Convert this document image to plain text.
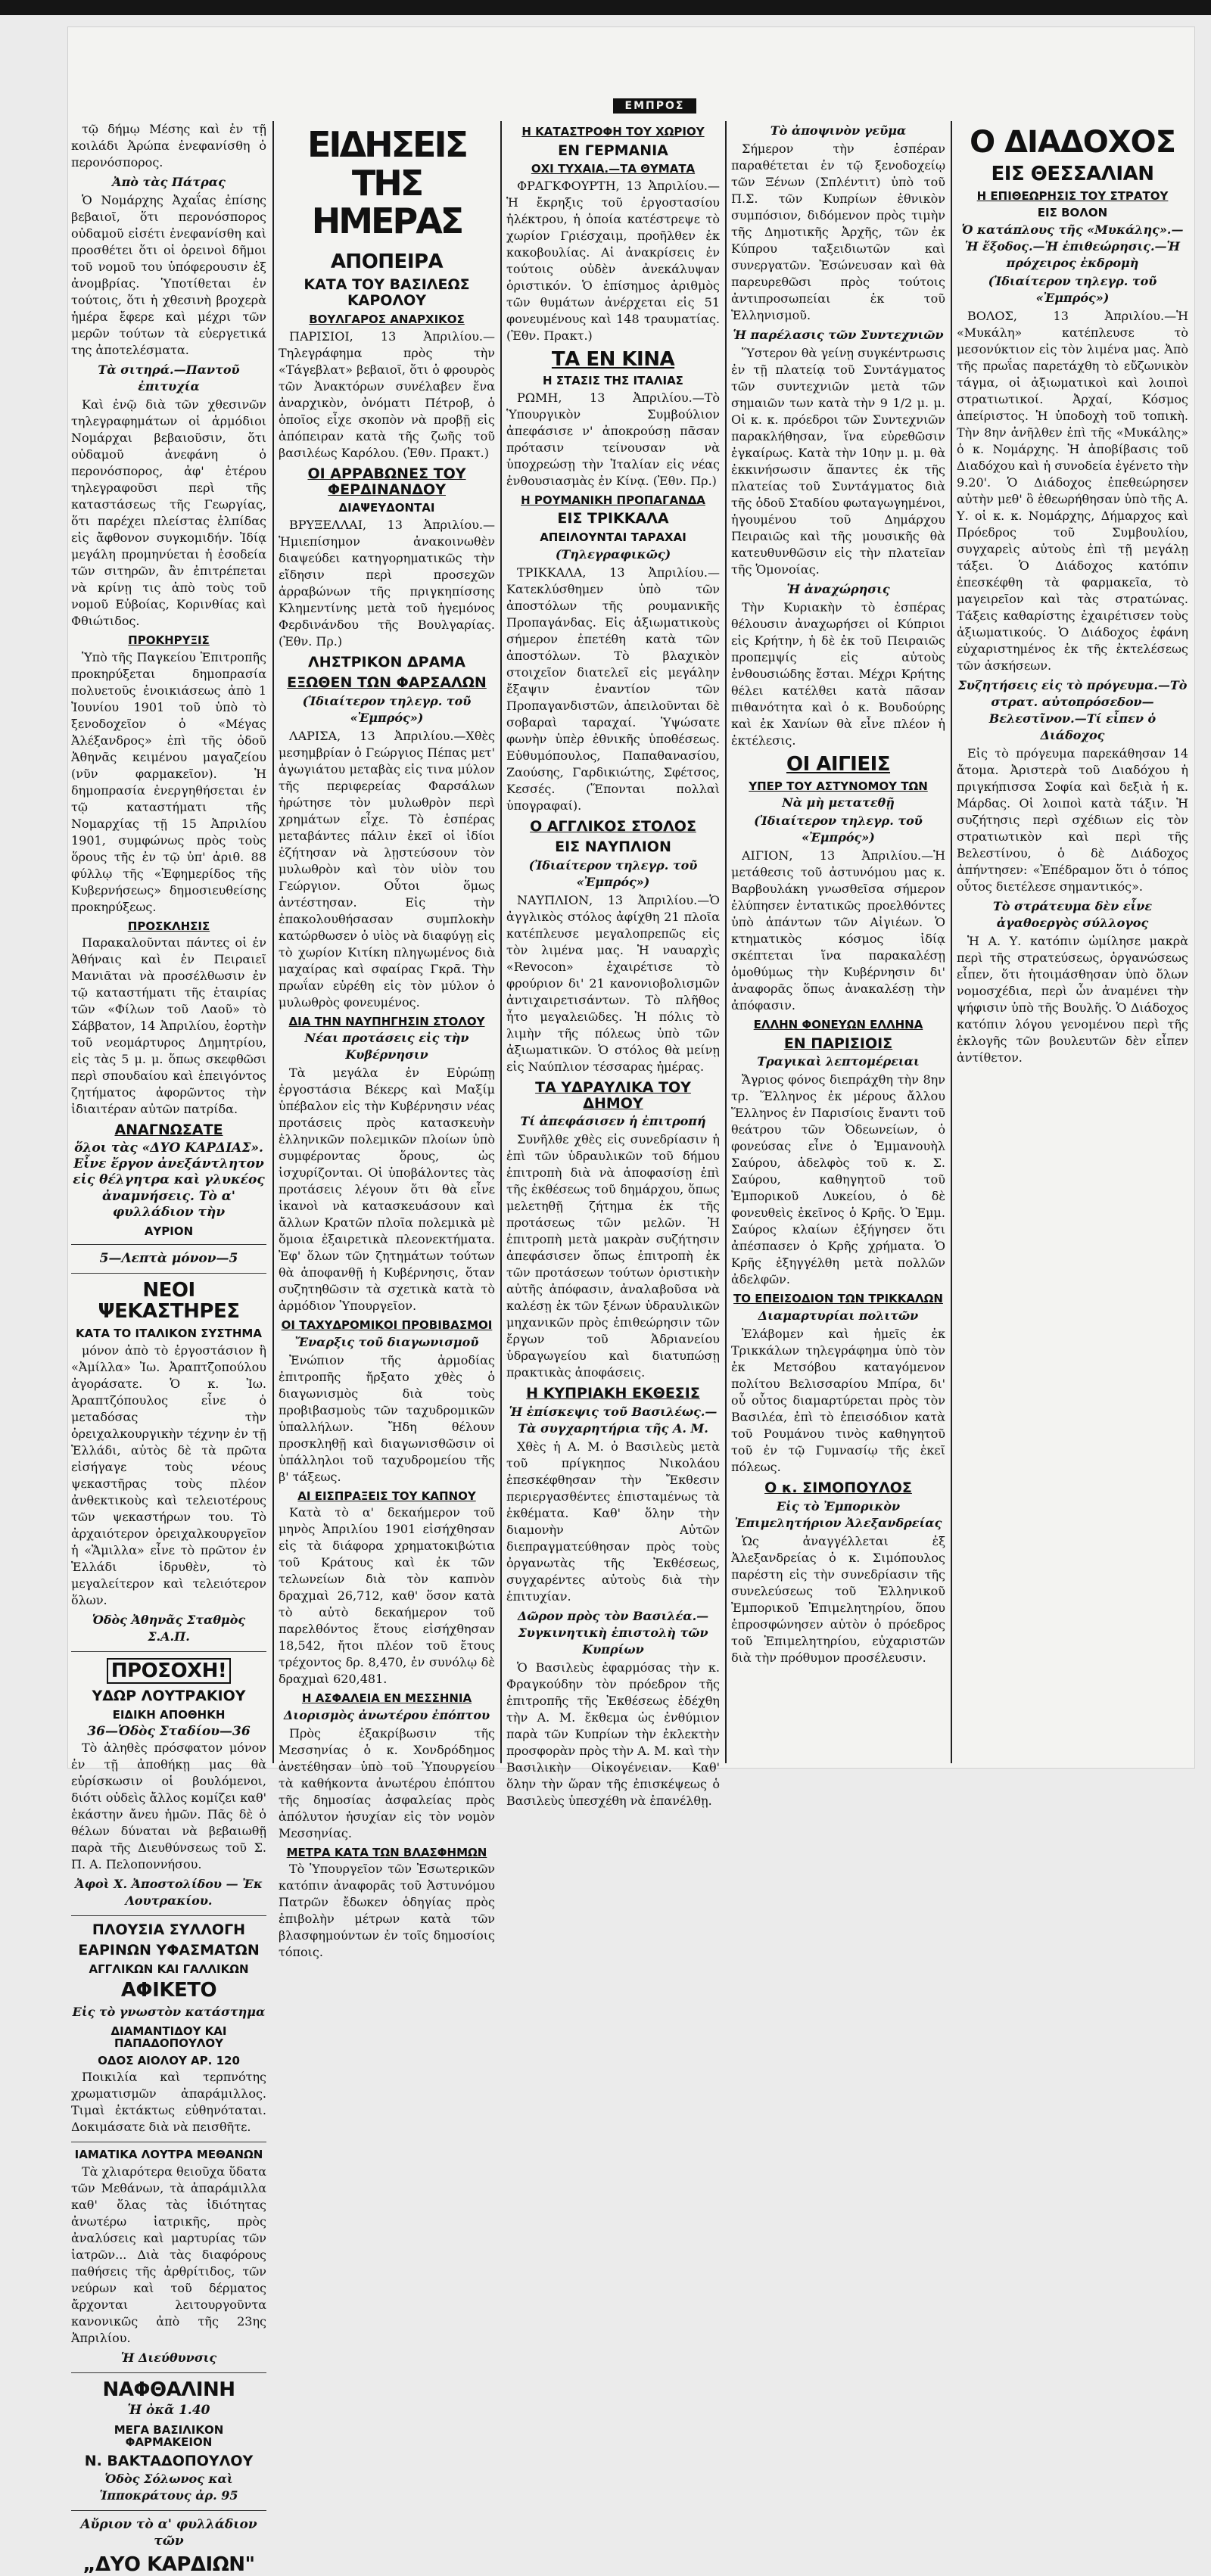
ΕΜΠΡΟΣ

τῷ δήμῳ Μέσης καὶ ἐν τῇ κοιλάδι Ἀρώπα ἐνεφανίσθη ὁ περονόσπορος.

Ἀπὸ τὰς Πάτρας

Ὁ Νομάρχης Ἀχαΐας ἐπίσης βεβαιοῖ, ὅτι περονόσπορος οὐδαμοῦ εἰσέτι ἐνεφανίσθη καὶ προσθέτει ὅτι οἱ ὀρεινοὶ δῆμοι τοῦ νομοῦ του ὑπόφερουσιν ἐξ ἀνομβρίας. Ὑποτίθεται ἐν τούτοις, ὅτι ἡ χθεσινὴ βροχερὰ ἡμέρα ἔφερε καὶ μέχρι τῶν μερῶν τούτων τὰ εὐεργετικά της ἀποτελέσματα.

Τὰ σιτηρά.—Παντοῦ ἐπιτυχία

Καὶ ἐνῷ διὰ τῶν χθεσινῶν τηλεγραφημάτων οἱ ἁρμόδιοι Νομάρχαι βεβαιοῦσιν, ὅτι οὐδαμοῦ ἀνεφάνη ὁ περονόσπορος, ἀφ' ἑτέρου τηλεγραφοῦσι περὶ τῆς καταστάσεως τῆς Γεωργίας, ὅτι παρέχει πλείστας ἐλπίδας εἰς ἄφθονον συγκομιδήν. Ἰδίᾳ μεγάλη προμηνύεται ἡ ἐσοδεία τῶν σιτηρῶν, ἂν ἐπιτρέπεται νὰ κρίνῃ τις ἀπὸ τοὺς τοῦ νομοῦ Εὐβοίας, Κορινθίας καὶ Φθιώτιδος.

ΠΡΟΚΗΡΥΞΙΣ

Ὑπὸ τῆς Παγκείου Ἐπιτροπῆς προκηρύξεται δημοπρασία πολυετοῦς ἐνοικιάσεως ἀπὸ 1 Ἰουνίου 1901 τοῦ ὑπὸ τὸ ξενοδοχεῖον ὁ «Μέγας Ἀλέξανδρος» ἐπὶ τῆς ὁδοῦ Ἀθηνᾶς κειμένου μαγαζείου (νῦν φαρμακεῖον). Ἡ δημοπρασία ἐνεργηθήσεται ἐν τῷ καταστήματι τῆς Νομαρχίας τῇ 15 Ἀπριλίου 1901, συμφώνως πρὸς τοὺς ὅρους τῆς ἐν τῷ ὑπ' ἀριθ. 88 φύλλῳ τῆς «Ἐφημερίδος τῆς Κυβερνήσεως» δημοσιευθείσης προκηρύξεως.

ΠΡΟΣΚΛΗΣΙΣ

Παρακαλοῦνται πάντες οἱ ἐν Ἀθήναις καὶ ἐν Πειραιεῖ Μανιᾶται νὰ προσέλθωσιν ἐν τῷ καταστήματι τῆς ἑταιρίας τῶν «Φίλων τοῦ Λαοῦ» τὸ Σάββατον, 14 Ἀπριλίου, ἑορτὴν τοῦ νεομάρτυρος Δημητρίου, εἰς τὰς 5 μ. μ. ὅπως σκεφθῶσι περὶ σπουδαίου καὶ ἐπειγόντος ζητήματος ἀφορῶντος τὴν ἰδιαιτέραν αὐτῶν πατρίδα.

ΑΝΑΓΝΩΣΑΤΕ
ὅλοι τὰς «ΔΥΟ ΚΑΡΔΙΑΣ». Εἶνε ἔργον ἀνεξάντλητον εἰς θέλγητρα καὶ γλυκέος ἀναμνήσεις. Τὸ α' φυλλάδιον τὴν
ΑΥΡΙΟΝ
5—Λεπτὰ μόνον—5
ΝΕΟΙ ΨΕΚΑΣΤΗΡΕΣ
ΚΑΤΑ ΤΟ ΙΤΑΛΙΚΟΝ ΣΥΣΤΗΜΑ

μόνον ἀπὸ τὸ ἐργοστάσιον ἢ «Ἀμίλλα» Ἰω. Ἀραπτζοπούλου ἀγοράσατε. Ὁ κ. Ἰω. Ἀραπτζόπουλος εἶνε ὁ μεταδόσας τὴν ὀρειχαλκουργικὴν τέχνην ἐν τῇ Ἑλλάδι, αὐτὸς δὲ τὰ πρῶτα εἰσήγαγε τοὺς νέους ψεκαστῆρας τοὺς πλέον ἀνθεκτικοὺς καὶ τελειοτέρους τῶν ψεκαστήρων του. Τὸ ἀρχαιότερον ὀρειχαλκουργεῖον ἡ «Ἅμιλλα» εἶνε τὸ πρῶτον ἐν Ἑλλάδι ἱδρυθὲν, τὸ μεγαλείτερον καὶ τελειότερον ὅλων.

Ὁδὸς Ἀθηνᾶς Σταθμὸς Σ.Α.Π.
ΠΡΟΣΟΧΗ!
ΥΔΩΡ ΛΟΥΤΡΑΚΙΟΥ
ΕΙΔΙΚΗ ΑΠΟΘΗΚΗ
36—Ὁδὸς Σταδίου—36

Τὸ ἀληθὲς πρόσφατον μόνον ἐν τῇ ἀποθήκῃ μας θὰ εὑρίσκωσιν οἱ βουλόμενοι, διότι οὐδεὶς ἄλλος κομίζει καθ' ἑκάστην ἄνευ ἡμῶν. Πᾶς δὲ ὁ θέλων δύναται νὰ βεβαιωθῇ παρὰ τῆς Διευθύνσεως τοῦ Σ. Π. Α. Πελοποννήσου.

Ἀφοὶ Χ. Ἀποστολίδου — Ἐκ Λουτρακίου.
ΠΛΟΥΣΙΑ ΣΥΛΛΟΓΗ
ΕΑΡΙΝΩΝ ΥΦΑΣΜΑΤΩΝ
ΑΓΓΛΙΚΩΝ ΚΑΙ ΓΑΛΛΙΚΩΝ
ΑΦΙΚΕΤΟ
Εἰς τὸ γνωστὸν κατάστημα
ΔΙΑΜΑΝΤΙΔΟΥ ΚΑΙ ΠΑΠΑΔΟΠΟΥΛΟΥ
ΟΔΟΣ ΑΙΟΛΟΥ ΑΡ. 120

Ποικιλία καὶ τερπνότης χρωματισμῶν ἀπαράμιλλος. Τιμαὶ ἐκτάκτως εὐθηνόταται. Δοκιμάσατε διὰ νὰ πεισθῆτε.

ΙΑΜΑΤΙΚΑ ΛΟΥΤΡΑ ΜΕΘΑΝΩΝ

Τὰ χλιαρότερα θειοῦχα ὕδατα τῶν Μεθάνων, τὰ ἀπαράμιλλα καθ' ὅλας τὰς ἰδιότητας ἀνωτέρω ἰατρικῆς, πρὸς ἀναλύσεις καὶ μαρτυρίας τῶν ἰατρῶν... Διὰ τὰς διαφόρους παθήσεις τῆς ἀρθρίτιδος, τῶν νεύρων καὶ τοῦ δέρματος ἄρχονται λειτουργοῦντα κανονικῶς ἀπὸ τῆς 23ης Ἀπριλίου.

Ἡ Διεύθυνσις
ΝΑΦΘΑΛΙΝΗ
Ἡ ὀκᾶ 1.40
ΜΕΓΑ ΒΑΣΙΛΙΚΟΝ ΦΑΡΜΑΚΕΙΟΝ
Ν. ΒΑΚΤΑΔΟΠΟΥΛΟΥ
Ὁδὸς Σόλωνος καὶ Ἱπποκράτους ἀρ. 95
Αὔριον τὸ α' φυλλάδιον τῶν
„ΔΥΟ ΚΑΡΔΙΩΝ"
ΕΙΔΗΣΕΙΣ ΤΗΣ ΗΜΕΡΑΣ
ΑΠΟΠΕΙΡΑ
ΚΑΤΑ ΤΟΥ ΒΑΣΙΛΕΩΣ ΚΑΡΟΛΟΥ
ΒΟΥΛΓΑΡΟΣ ΑΝΑΡΧΙΚΟΣ

ΠΑΡΙΣΙΟΙ, 13 Ἀπριλίου.—Τηλεγράφημα πρὸς τὴν «Τάγεβλατ» βεβαιοῖ, ὅτι ὁ φρουρὸς τῶν Ἀνακτόρων συνέλαβεν ἕνα ἀναρχικὸν, ὀνόματι Πέτροβ, ὁ ὁποῖος εἶχε σκοπὸν νὰ προβῇ εἰς ἀπόπειραν κατὰ τῆς ζωῆς τοῦ βασιλέως Καρόλου. (Ἐθν. Πρακτ.)

ΟΙ ΑΡΡΑΒΩΝΕΣ ΤΟΥ ΦΕΡΔΙΝΑΝΔΟΥ
ΔΙΑΨΕΥΔΟΝΤΑΙ

ΒΡΥΞΕΛΛΑΙ, 13 Ἀπριλίου.—Ἡμιεπίσημον ἀνακοινωθὲν διαψεύδει κατηγορηματικῶς τὴν εἴδησιν περὶ προσεχῶν ἀρραβώνων τῆς πριγκηπίσσης Κλημεντίνης μετὰ τοῦ ἡγεμόνος Φερδινάνδου τῆς Βουλγαρίας. (Ἐθν. Πρ.)

ΛΗΣΤΡΙΚΟΝ ΔΡΑΜΑ
ΕΞΩΘΕΝ ΤΩΝ ΦΑΡΣΑΛΩΝ
(Ἰδιαίτερον τηλεγρ. τοῦ «Ἐμπρός»)

ΛΑΡΙΣΑ, 13 Ἀπριλίου.—Χθὲς μεσημβρίαν ὁ Γεώργιος Πέπας μετ' ἀγωγιάτου μεταβὰς εἰς τινα μύλον τῆς περιφερείας Φαρσάλων ἠρώτησε τὸν μυλωθρὸν περὶ χρημάτων εἶχε. Τὸ ἑσπέρας μεταβάντες πάλιν ἐκεῖ οἱ ἰδίοι ἐζήτησαν νὰ λῃστεύσουν τὸν μυλωθρὸν καὶ τὸν υἱὸν του Γεώργιον. Οὗτοι ὅμως ἀντέστησαν. Εἰς τὴν ἐπακολουθήσασαν συμπλοκὴν κατώρθωσεν ὁ υἱὸς νὰ διαφύγῃ εἰς τὸ χωρίον Κιτίκη πληγωμένος διὰ μαχαίρας καὶ σφαίρας Γκρᾶ. Τὴν πρωΐαν εὑρέθη εἰς τὸν μύλον ὁ μυλωθρὸς φονευμένος.

ΔΙΑ ΤΗΝ ΝΑΥΠΗΓΗΣΙΝ ΣΤΟΛΟΥ
Νέαι προτάσεις εἰς τὴν Κυβέρνησιν

Τὰ μεγάλα ἐν Εὐρώπῃ ἐργοστάσια Βέκερς καὶ Μαξίμ ὑπέβαλον εἰς τὴν Κυβέρνησιν νέας προτάσεις πρὸς κατασκευὴν ἑλληνικῶν πολεμικῶν πλοίων ὑπὸ συμφέροντας ὅρους, ὡς ἰσχυρίζονται. Οἱ ὑποβάλοντες τὰς προτάσεις λέγουν ὅτι θὰ εἶνε ἱκανοὶ νὰ κατασκευάσουν καὶ ἄλλων Κρατῶν πλοῖα πολεμικὰ μὲ ὅμοια ἐξαιρετικὰ πλεονεκτήματα. Ἐφ' ὅλων τῶν ζητημάτων τούτων θὰ ἀποφανθῇ ἡ Κυβέρνησις, ὅταν συζητηθῶσιν τὰ σχετικὰ κατὰ τὸ ἀρμόδιον Ὑπουργεῖον.

ΟΙ ΤΑΧΥΔΡΟΜΙΚΟΙ ΠΡΟΒΙΒΑΣΜΟΙ
Ἔναρξις τοῦ διαγωνισμοῦ

Ἐνώπιον τῆς ἁρμοδίας ἐπιτροπῆς ἤρξατο χθὲς ὁ διαγωνισμὸς διὰ τοὺς προβιβασμοὺς τῶν ταχυδρομικῶν ὑπαλλήλων. Ἤδη θέλουν προσκληθῇ καὶ διαγωνισθῶσιν οἱ ὑπάλληλοι τοῦ ταχυδρομείου τῆς β' τάξεως.

ΑΙ ΕΙΣΠΡΑΞΕΙΣ ΤΟΥ ΚΑΠΝΟΥ

Κατὰ τὸ α' δεκαήμερον τοῦ μηνὸς Ἀπριλίου 1901 εἰσήχθησαν εἰς τὰ διάφορα χρηματοκιβώτια τοῦ Κράτους καὶ ἐκ τῶν τελωνείων διὰ τὸν καπνὸν δραχμαὶ 26,712, καθ' ὅσον κατὰ τὸ αὐτὸ δεκαήμερον τοῦ παρελθόντος ἔτους εἰσήχθησαν 18,542, ἤτοι πλέον τοῦ ἔτους τρέχοντος δρ. 8,470, ἐν συνόλῳ δὲ δραχμαὶ 620,481.

Η ΑΣΦΑΛΕΙΑ ΕΝ ΜΕΣΣΗΝΙΑ
Διορισμὸς ἀνωτέρου ἐπόπτου

Πρὸς ἐξακρίβωσιν τῆς Μεσσηνίας ὁ κ. Χονδρόδημος ἀνετέθησαν ὑπὸ τοῦ Ὑπουργείου τὰ καθήκοντα ἀνωτέρου ἐπόπτου τῆς δημοσίας ἀσφαλείας πρὸς ἀπόλυτον ἡσυχίαν εἰς τὸν νομὸν Μεσσηνίας.

ΜΕΤΡΑ ΚΑΤΑ ΤΩΝ ΒΛΑΣΦΗΜΩΝ

Τὸ Ὑπουργεῖον τῶν Ἐσωτερικῶν κατόπιν ἀναφορᾶς τοῦ Ἀστυνόμου Πατρῶν ἔδωκεν ὁδηγίας πρὸς ἐπιβολὴν μέτρων κατὰ τῶν βλασφημούντων ἐν τοῖς δημοσίοις τόποις.

Η ΚΑΤΑΣΤΡΟΦΗ ΤΟΥ ΧΩΡΙΟΥ
ΕΝ ΓΕΡΜΑΝΙΑ
ΟΧΙ ΤΥΧΑΙΑ.—ΤΑ ΘΥΜΑΤΑ

ΦΡΑΓΚΦΟΥΡΤΗ, 13 Ἀπριλίου.—Ἡ ἔκρηξις τοῦ ἐργοστασίου ἠλέκτρου, ἡ ὁποία κατέστρεψε τὸ χωρίον Γριέσχαιμ, προῆλθεν ἐκ κακοβουλίας. Αἱ ἀνακρίσεις ἐν τούτοις οὐδὲν ἀνεκάλυψαν ὁριστικόν. Ὁ ἐπίσημος ἀριθμὸς τῶν θυμάτων ἀνέρχεται εἰς 51 φονευμένους καὶ 148 τραυματίας. (Ἐθν. Πρακτ.)

ΤΑ ΕΝ ΚΙΝΑ
Η ΣΤΑΣΙΣ ΤΗΣ ΙΤΑΛΙΑΣ

ΡΩΜΗ, 13 Ἀπριλίου.—Τὸ Ὑπουργικὸν Συμβούλιον ἀπεφάσισε ν' ἀποκρούσῃ πᾶσαν πρότασιν τείνουσαν νὰ ὑποχρεώσῃ τὴν Ἰταλίαν εἰς νέας ἐνθουσιασμὰς ἐν Κίνᾳ. (Ἐθν. Πρ.)

Η ΡΟΥΜΑΝΙΚΗ ΠΡΟΠΑΓΑΝΔΑ
ΕΙΣ ΤΡΙΚΚΑΛΑ
ΑΠΕΙΛΟΥΝΤΑΙ ΤΑΡΑΧΑΙ
(Τηλεγραφικῶς)

ΤΡΙΚΚΑΛΑ, 13 Ἀπριλίου.—Κατεκλύσθημεν ὑπὸ τῶν ἀποστόλων τῆς ρουμανικῆς Προπαγάνδας. Εἰς ἀξιωματικοὺς σήμερον ἐπετέθη κατὰ τῶν ἀποστόλων. Τὸ βλαχικὸν στοιχεῖον διατελεῖ εἰς μεγάλην ἔξαψιν ἐναντίον τῶν Προπαγανδιστῶν, ἀπειλοῦνται δὲ σοβαραὶ ταραχαί. Ὑψώσατε φωνὴν ὑπὲρ ἐθνικῆς ὑποθέσεως. Εὐθυμόπουλος, Παπαθανασίου, Ζαούσης, Γαρδικιώτης, Σφέτσος, Κεσσές. (Ἕπονται πολλαὶ ὑπογραφαί).

Ο ΑΓΓΛΙΚΟΣ ΣΤΟΛΟΣ
ΕΙΣ ΝΑΥΠΛΙΟΝ
(Ἰδιαίτερον τηλεγρ. τοῦ «Ἐμπρός»)

ΝΑΥΠΛΙΟΝ, 13 Ἀπριλίου.—Ὁ ἀγγλικὸς στόλος ἀφίχθη 21 πλοῖα κατέπλευσε μεγαλοπρεπῶς εἰς τὸν λιμένα μας. Ἡ ναυαρχὶς «Revocon» ἐχαιρέτισε τὸ φρούριον δι' 21 κανονιοβολισμῶν ἀντιχαιρετισάντων. Τὸ πλῆθος ἦτο μεγαλειῶδες. Ἡ πόλις τὸ λιμὴν τῆς πόλεως ὑπὸ τῶν ἀξιωματικῶν. Ὁ στόλος θὰ μείνῃ εἰς Ναύπλιον τέσσαρας ἡμέρας.

ΤΑ ΥΔΡΑΥΛΙΚΑ ΤΟΥ ΔΗΜΟΥ
Τί ἀπεφάσισεν ἡ ἐπιτροπή

Συνῆλθε χθὲς εἰς συνεδρίασιν ἡ ἐπὶ τῶν ὑδραυλικῶν τοῦ δήμου ἐπιτροπὴ διὰ νὰ ἀποφασίσῃ ἐπὶ τῆς ἐκθέσεως τοῦ δημάρχου, ὅπως μελετηθῇ ζήτημα ἐκ τῆς προτάσεως τῶν μελῶν. Ἡ ἐπιτροπὴ μετὰ μακρὰν συζήτησιν ἀπεφάσισεν ὅπως ἐπιτροπὴ ἐκ τῶν προτάσεων τούτων ὁριστικὴν αὐτῆς ἀπόφασιν, ἀναλαβοῦσα νὰ καλέσῃ ἐκ τῶν ξένων ὑδραυλικῶν μηχανικῶν πρὸς ἐπιθεώρησιν τῶν ἔργων τοῦ Ἀδριανείου ὑδραγωγείου καὶ διατυπώσῃ πρακτικὰς ἀποφάσεις.

Η ΚΥΠΡΙΑΚΗ ΕΚΘΕΣΙΣ
Ἡ ἐπίσκεψις τοῦ Βασιλέως.—Τὰ συγχαρητήρια τῆς Α. Μ.

Χθὲς ἡ Α. Μ. ὁ Βασιλεὺς μετὰ τοῦ πρίγκηπος Νικολάου ἐπεσκέφθησαν τὴν Ἔκθεσιν περιεργασθέντες ἐπισταμένως τὰ ἐκθέματα. Καθ' ὅλην τὴν διαμονὴν Αὐτῶν διεπραγματεύθησαν πρὸς τοὺς ὀργανωτὰς τῆς Ἐκθέσεως, συγχαρέντες αὐτοὺς διὰ τὴν ἐπιτυχίαν.

Δῶρον πρὸς τὸν Βασιλέα.—Συγκινητικὴ ἐπιστολὴ τῶν Κυπρίων

Ὁ Βασιλεὺς ἐφαρμόσας τὴν κ. Φραγκούδην τὸν πρόεδρον τῆς ἐπιτροπῆς τῆς Ἐκθέσεως ἐδέχθη τὴν Α. Μ. ἔκθεμα ὡς ἐνθύμιον παρὰ τῶν Κυπρίων τὴν ἐκλεκτὴν προσφορὰν πρὸς τὴν Α. Μ. καὶ τὴν Βασιλικὴν Οἰκογένειαν. Καθ' ὅλην τὴν ὥραν τῆς ἐπισκέψεως ὁ Βασιλεὺς ὑπεσχέθη νὰ ἐπανέλθῃ.

Τὸ ἀποψινὸν γεῦμα

Σήμερον τὴν ἑσπέραν παραθέτεται ἐν τῷ ξενοδοχείῳ τῶν Ξένων (Σπλέντιτ) ὑπὸ τοῦ Π.Σ. τῶν Κυπρίων ἐθνικὸν συμπόσιον, διδόμενον πρὸς τιμὴν τῆς Δημοτικῆς Ἀρχῆς, τῶν ἐκ Κύπρου ταξειδιωτῶν καὶ συνεργατῶν. Ἐσώνευσαν καὶ θὰ παρευρεθῶσι πρὸς τούτοις ἀντιπροσωπείαι ἐκ τοῦ Ἑλληνισμοῦ.

Ἡ παρέλασις τῶν Συντεχνιῶν

Ὕστερον θὰ γείνῃ συγκέντρωσις ἐν τῇ πλατείᾳ τοῦ Συντάγματος τῶν συντεχνιῶν μετὰ τῶν σημαιῶν των κατὰ τὴν 9 1/2 μ. μ. Οἱ κ. κ. πρόεδροι τῶν Συντεχνιῶν παρακλήθησαν, ἵνα εὑρεθῶσιν ἐγκαίρως. Κατὰ τὴν 10ην μ. μ. θὰ ἐκκινήσωσιν ἅπαντες ἐκ τῆς πλατείας τοῦ Συντάγματος διὰ τῆς ὁδοῦ Σταδίου φωταγωγημένοι, ἡγουμένου τοῦ Δημάρχου Πειραιῶς καὶ τῆς μουσικῆς θὰ κατευθυνθῶσιν εἰς τὴν πλατεῖαν τῆς Ὁμονοίας.

Ἡ ἀναχώρησις

Τὴν Κυριακὴν τὸ ἑσπέρας θέλουσιν ἀναχωρήσει οἱ Κύπριοι εἰς Κρήτην, ἡ δὲ ἐκ τοῦ Πειραιῶς προπεμψίς εἰς αὐτοὺς ἐνθουσιώδης ἔσται. Μέχρι Κρήτης θέλει κατέλθει κατὰ πᾶσαν πιθανότητα καὶ ὁ κ. Βουδούρης καὶ ἐκ Χανίων θὰ εἶνε πλέον ἡ ἐκτέλεσις.

ΟΙ ΑΙΓΙΕΙΣ
ΥΠΕΡ ΤΟΥ ΑΣΤΥΝΟΜΟΥ ΤΩΝ
Νὰ μὴ μετατεθῇ
(Ἰδιαίτερον τηλεγρ. τοῦ «Ἐμπρός»)

ΑΙΓΙΟΝ, 13 Ἀπριλίου.—Ἡ μετάθεσις τοῦ ἀστυνόμου μας κ. Βαρβουλάκη γνωσθεῖσα σήμερον ἐλύπησεν ἐντατικῶς προελθόντες ὑπὸ ἁπάντων τῶν Αἰγιέων. Ὁ κτηματικὸς κόσμος ἰδίᾳ σκέπτεται ἵνα παρακαλέσῃ ὁμοθύμως τὴν Κυβέρνησιν δι' ἀναφορᾶς ὅπως ἀνακαλέσῃ τὴν ἀπόφασιν.

ΕΛΛΗΝ ΦΟΝΕΥΩΝ ΕΛΛΗΝΑ
ΕΝ ΠΑΡΙΣΙΟΙΣ
Τραγικαὶ λεπτομέρειαι

Ἄγριος φόνος διεπράχθη τὴν 8ην τρ. Ἕλληνος ἐκ μέρους ἄλλου Ἕλληνος ἐν Παρισίοις ἔναντι τοῦ θεάτρου τῶν Ὀδεωνείων, ὁ φονεύσας εἶνε ὁ Ἐμμανουὴλ Σαύρου, ἀδελφὸς τοῦ κ. Σ. Σαύρου, καθηγητοῦ τοῦ Ἐμπορικοῦ Λυκείου, ὁ δὲ φονευθεὶς ἐκεῖνος ὁ Κρῆς. Ὁ Ἐμμ. Σαύρος κλαίων ἐξήγησεν ὅτι ἀπέσπασεν ὁ Κρῆς χρήματα. Ὁ Κρῆς ἐξηγγέλθη μετὰ πολλῶν ἀδελφῶν.

ΤΟ ΕΠΕΙΣΟΔΙΟΝ ΤΩΝ ΤΡΙΚΚΑΛΩΝ
Διαμαρτυρίαι πολιτῶν

Ἐλάβομεν καὶ ἡμεῖς ἐκ Τρικκάλων τηλεγράφημα ὑπὸ τὸν ἐκ Μετσόβου καταγόμενον πολίτου Βελισσαρίου Μπίρα, δι' οὗ οὗτος διαμαρτύρεται πρὸς τὸν Βασιλέα, ἐπὶ τὸ ἐπεισόδιον κατὰ τοῦ Ρουμάνου τινὸς καθηγητοῦ τοῦ ἐν τῷ Γυμνασίῳ τῆς ἐκεῖ πόλεως.

Ο κ. ΣΙΜΟΠΟΥΛΟΣ
Εἰς τὸ Ἐμπορικὸν Ἐπιμελητήριον Ἀλεξανδρείας

Ὡς ἀναγγέλλεται ἐξ Ἀλεξανδρείας ὁ κ. Σιμόπουλος παρέστη εἰς τὴν συνεδρίασιν τῆς συνελεύσεως τοῦ Ἑλληνικοῦ Ἐμπορικοῦ Ἐπιμελητηρίου, ὅπου ἐπροσφώνησεν αὐτὸν ὁ πρόεδρος τοῦ Ἐπιμελητηρίου, εὐχαριστῶν διὰ τὴν πρόθυμον προσέλευσιν.

Ο ΔΙΑΔΟΧΟΣ
ΕΙΣ ΘΕΣΣΑΛΙΑΝ
Η ΕΠΙΘΕΩΡΗΣΙΣ ΤΟΥ ΣΤΡΑΤΟΥ
ΕΙΣ ΒΟΛΟΝ
Ὁ κατάπλους τῆς «Μυκάλης».—Ἡ ἔξοδος.—Ἡ ἐπιθεώρησις.—Ἡ πρόχειρος ἐκδρομὴ
(Ἰδιαίτερον τηλεγρ. τοῦ «Ἐμπρός»)

ΒΟΛΟΣ, 13 Ἀπριλίου.—Ἡ «Μυκάλη» κατέπλευσε τὸ μεσονύκτιον εἰς τὸν λιμένα μας. Ἀπὸ τῆς πρωΐας παρετάχθη τὸ εὔζωνικὸν τάγμα, οἱ ἀξιωματικοὶ καὶ λοιποὶ στρατιωτικοί. Ἀρχαί, Κόσμος ἀπείριστος. Ἡ ὑποδοχὴ τοῦ τοπικὴ. Τὴν 8ην ἀνῆλθεν ἐπὶ τῆς «Μυκάλης» ὁ κ. Νομάρχης. Ἡ ἀποβίβασις τοῦ Διαδόχου καὶ ἡ συνοδεία ἐγένετο τὴν 9.20'. Ὁ Διάδοχος ἐπεθεώρησεν αὐτὴν μεθ' ὃ ἐθεωρήθησαν ὑπὸ τῆς Α. Υ. οἱ κ. κ. Νομάρχης, Δήμαρχος καὶ Πρόεδρος τοῦ Συμβουλίου, συγχαρεὶς αὐτοὺς ἐπὶ τῇ μεγάλῃ τάξει. Ὁ Διάδοχος κατόπιν ἐπεσκέφθη τὰ φαρμακεῖα, τὸ μαγειρεῖον καὶ τὰς στρατώνας. Τάξεις καθαρίστης ἐχαιρέτισεν τοὺς ἀξιωματικούς. Ὁ Διάδοχος ἐφάνη εὐχαριστημένος ἐκ τῆς ἐκτελέσεως τῶν ἀσκήσεων.

Συζητήσεις εἰς τὸ πρόγευμα.—Τὸ στρατ. αὐτοπρόσεδον—Βελεστῖνον.—Τί εἶπεν ὁ Διάδοχος

Εἰς τὸ πρόγευμα παρεκάθησαν 14 ἄτομα. Ἀριστερὰ τοῦ Διαδόχου ἡ πριγκήπισσα Σοφία καὶ δεξιὰ ἡ κ. Μάρδας. Οἱ λοιποὶ κατὰ τάξιν. Ἡ συζήτησις περὶ σχέδιων εἰς τὸν στρατιωτικὸν καὶ περὶ τῆς Βελεστίνου, ὁ δὲ Διάδοχος ἀπήντησεν: «Ἐπέδραμον ὅτι ὁ τόπος οὗτος διετέλεσε σημαντικός».

Τὸ στράτευμα δὲν εἶνε ἀγαθοεργὸς σύλλογος

Ἡ Α. Υ. κατόπιν ὡμίλησε μακρὰ περὶ τῆς στρατεύσεως, ὀργανώσεως εἶπεν, ὅτι ἡτοιμάσθησαν ὑπὸ ὅλων νομοσχέδια, περὶ ὧν ἀναμένει τὴν ψήφισιν ὑπὸ τῆς Βουλῆς. Ὁ Διάδοχος κατόπιν λόγου γενομένου περὶ τῆς ἐκλογῆς τῶν βουλευτῶν δὲν εἶπεν ἀντίθετον.
